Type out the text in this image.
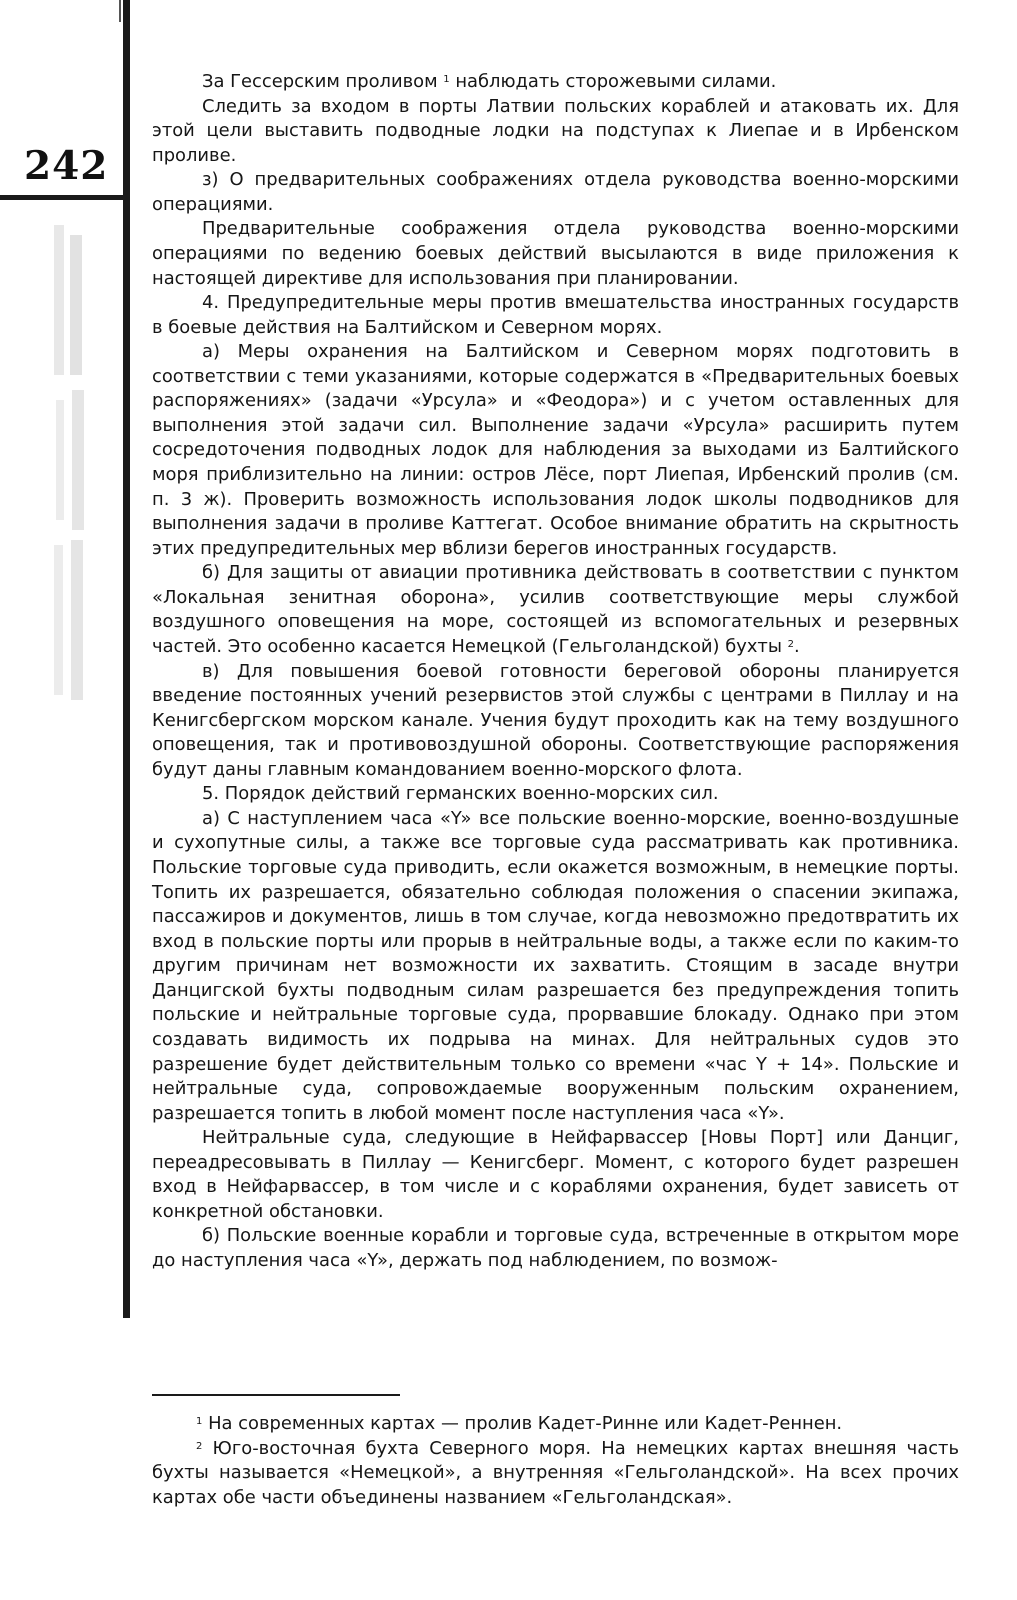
242

За Гессерским проливом $^1$ наблюдать сторожевыми силами.

Следить за входом в порты Латвии польских кораблей и атаковать их. Для этой цели выставить подводные лодки на подступах к Лиепае и в Ирбенском проливе.

з) О предварительных соображениях отдела руководства военно-морскими операциями.

Предварительные соображения отдела руководства военно-морскими операциями по ведению боевых действий высылаются в виде приложения к настоящей директиве для использования при планировании.

4. Предупредительные меры против вмешательства иностранных государств в боевые действия на Балтийском и Северном морях.

а) Меры охранения на Балтийском и Северном морях подготовить в соответствии с теми указаниями, которые содержатся в «Предварительных боевых распоряжениях» (задачи «Урсула» и «Феодора») и с учетом оставленных для выполнения этой задачи сил. Выполнение задачи «Урсула» расширить путем сосредоточения подводных лодок для наблюдения за выходами из Балтийского моря приблизительно на линии: остров Лёсе, порт Лиепая, Ирбенский пролив (см. п. 3 ж). Проверить возможность использования лодок школы подводников для выполнения задачи в проливе Каттегат. Особое внимание обратить на скрытность этих предупредительных мер вблизи берегов иностранных государств.

б) Для защиты от авиации противника действовать в соответствии с пунктом «Локальная зенитная оборона», усилив соответствующие меры службой воздушного оповещения на море, состоящей из вспомогательных и резервных частей. Это особенно касается Немецкой (Гельголандской) бухты $^2$.

в) Для повышения боевой готовности береговой обороны планируется введение постоянных учений резервистов этой службы с центрами в Пиллау и на Кенигсбергском морском канале. Учения будут проходить как на тему воздушного оповещения, так и противовоздушной обороны. Соответствующие распоряжения будут даны главным командованием военно-морского флота.

5. Порядок действий германских военно-морских сил.

а) С наступлением часа «Y» все польские военно-морские, военно-воздушные и сухопутные силы, а также все торговые суда рассматривать как противника. Польские торговые суда приводить, если окажется возможным, в немецкие порты. Топить их разрешается, обязательно соблюдая положения о спасении экипажа, пассажиров и документов, лишь в том случае, когда невозможно предотвратить их вход в польские порты или прорыв в нейтральные воды, а также если по каким-то другим причинам нет возможности их захватить. Стоящим в засаде внутри Данцигской бухты подводным силам разрешается без предупреждения топить польские и нейтральные торговые суда, прорвавшие блокаду. Однако при этом создавать видимость их подрыва на минах. Для нейтральных судов это разрешение будет действительным только со времени «час Y + 14». Польские и нейтральные суда, сопровождаемые вооруженным польским охранением, разрешается топить в любой момент после наступления часа «Y».

Нейтральные суда, следующие в Нейфарвассер [Новы Порт] или Данциг, переадресовывать в Пиллау — Кенигсберг. Момент, с которого будет разрешен вход в Нейфарвассер, в том числе и с кораблями охранения, будет зависеть от конкретной обстановки.

б) Польские военные корабли и торговые суда, встреченные в открытом море до наступления часа «Y», держать под наблюдением, по возмож-

$^1$ На современных картах — пролив Кадет-Ринне или Кадет-Реннен.

$^2$ Юго-восточная бухта Северного моря. На немецких картах внешняя часть бухты называется «Немецкой», а внутренняя «Гельголандской». На всех прочих картах обе части объединены названием «Гельголандская».
